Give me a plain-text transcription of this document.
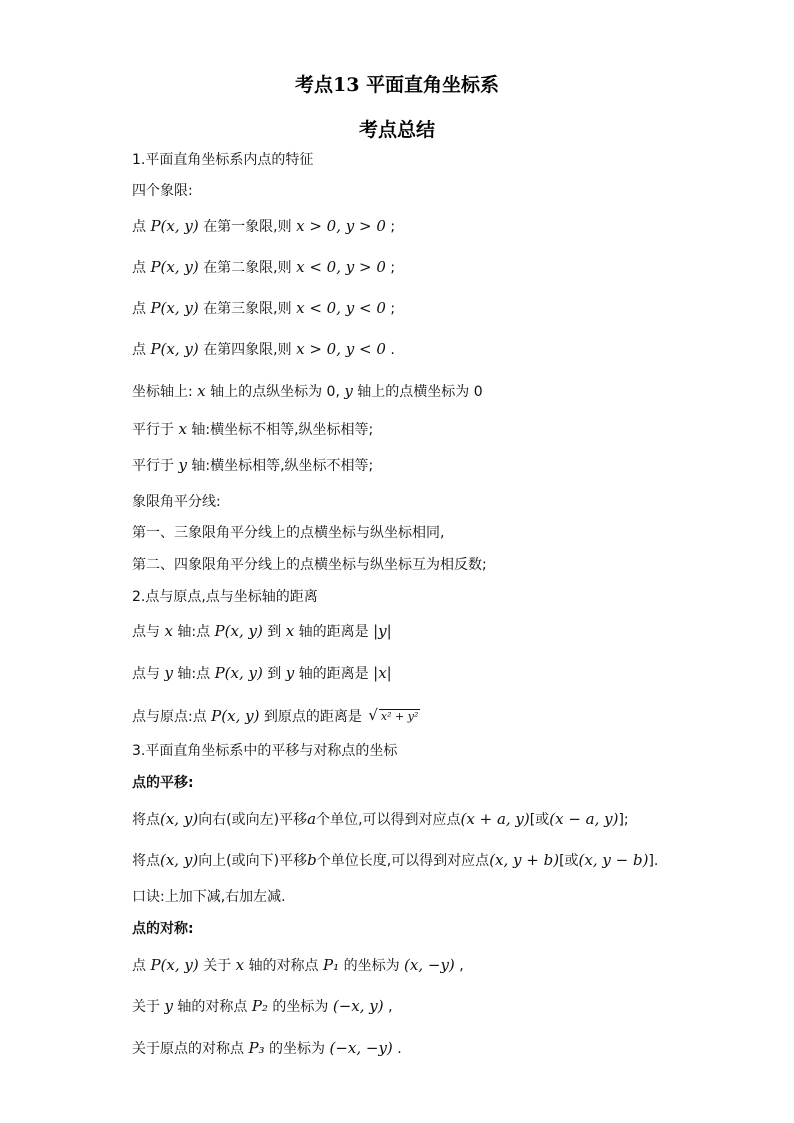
考点13 平面直角坐标系
考点总结
1.平面直角坐标系内点的特征
四个象限:
点 P(x, y) 在第一象限,则 x > 0, y > 0 ;
点 P(x, y) 在第二象限,则 x < 0, y > 0 ;
点 P(x, y) 在第三象限,则 x < 0, y < 0 ;
点 P(x, y) 在第四象限,则 x > 0, y < 0 .
坐标轴上: x 轴上的点纵坐标为 0, y 轴上的点横坐标为 0
平行于 x 轴:横坐标不相等,纵坐标相等;
平行于 y 轴:横坐标相等,纵坐标不相等;
象限角平分线:
第一、三象限角平分线上的点横坐标与纵坐标相同,
第二、四象限角平分线上的点横坐标与纵坐标互为相反数;
2.点与原点,点与坐标轴的距离
点与 x 轴:点 P(x, y) 到 x 轴的距离是 |y|
点与 y 轴:点 P(x, y) 到 y 轴的距离是 |x|
点与原点:点 P(x, y) 到原点的距离是 √ x² + y²
3.平面直角坐标系中的平移与对称点的坐标
点的平移:
将点(x, y)向右(或向左)平移a个单位,可以得到对应点(x + a, y)[或(x − a, y)];
将点(x, y)向上(或向下)平移b个单位长度,可以得到对应点(x, y + b)[或(x, y − b)].
口诀:上加下减,右加左减.
点的对称:
点 P(x, y) 关于 x 轴的对称点 P₁ 的坐标为 (x, −y) ,
关于 y 轴的对称点 P₂ 的坐标为 (−x, y) ,
关于原点的对称点 P₃ 的坐标为 (−x, −y) .
